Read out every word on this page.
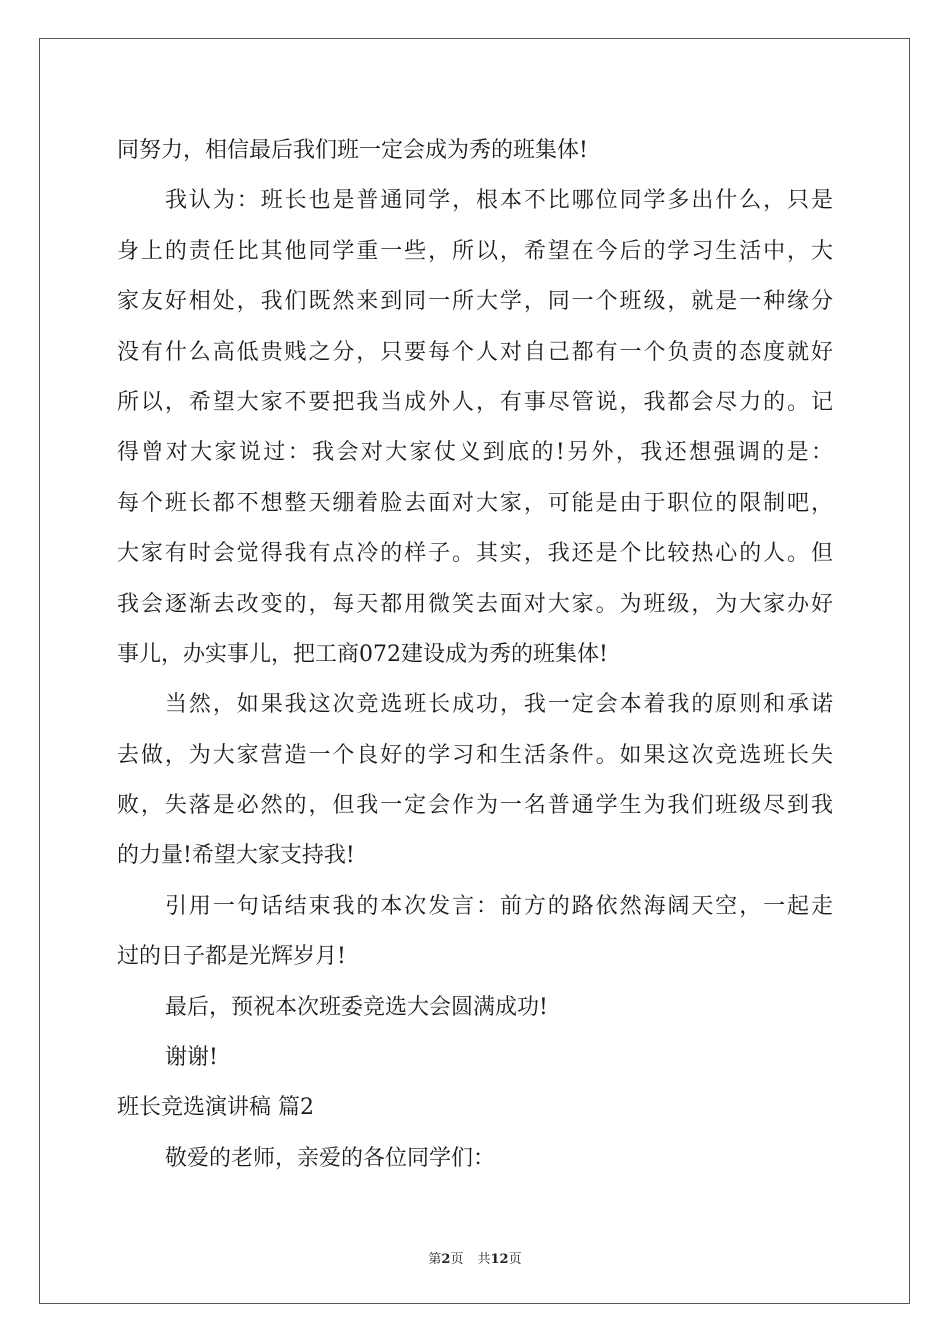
同努力，相信最后我们班一定会成为秀的班集体!
我认为：班长也是普通同学，根本不比哪位同学多出什么，只是
身上的责任比其他同学重一些，所以，希望在今后的学习生活中，大
家友好相处，我们既然来到同一所大学，同一个班级，就是一种缘分
没有什么高低贵贱之分，只要每个人对自己都有一个负责的态度就好
所以，希望大家不要把我当成外人，有事尽管说，我都会尽力的。记
得曾对大家说过：我会对大家仗义到底的!另外，我还想强调的是：
每个班长都不想整天绷着脸去面对大家，可能是由于职位的限制吧，
大家有时会觉得我有点冷的样子。其实，我还是个比较热心的人。但
我会逐渐去改变的，每天都用微笑去面对大家。为班级，为大家办好
事儿，办实事儿，把工商072建设成为秀的班集体!
当然，如果我这次竞选班长成功，我一定会本着我的原则和承诺
去做，为大家营造一个良好的学习和生活条件。如果这次竞选班长失
败，失落是必然的，但我一定会作为一名普通学生为我们班级尽到我
的力量!希望大家支持我!
引用一句话结束我的本次发言：前方的路依然海阔天空，一起走
过的日子都是光辉岁月!
最后，预祝本次班委竞选大会圆满成功!
谢谢!
班长竞选演讲稿 篇2
敬爱的老师，亲爱的各位同学们：
第2页 共12页
